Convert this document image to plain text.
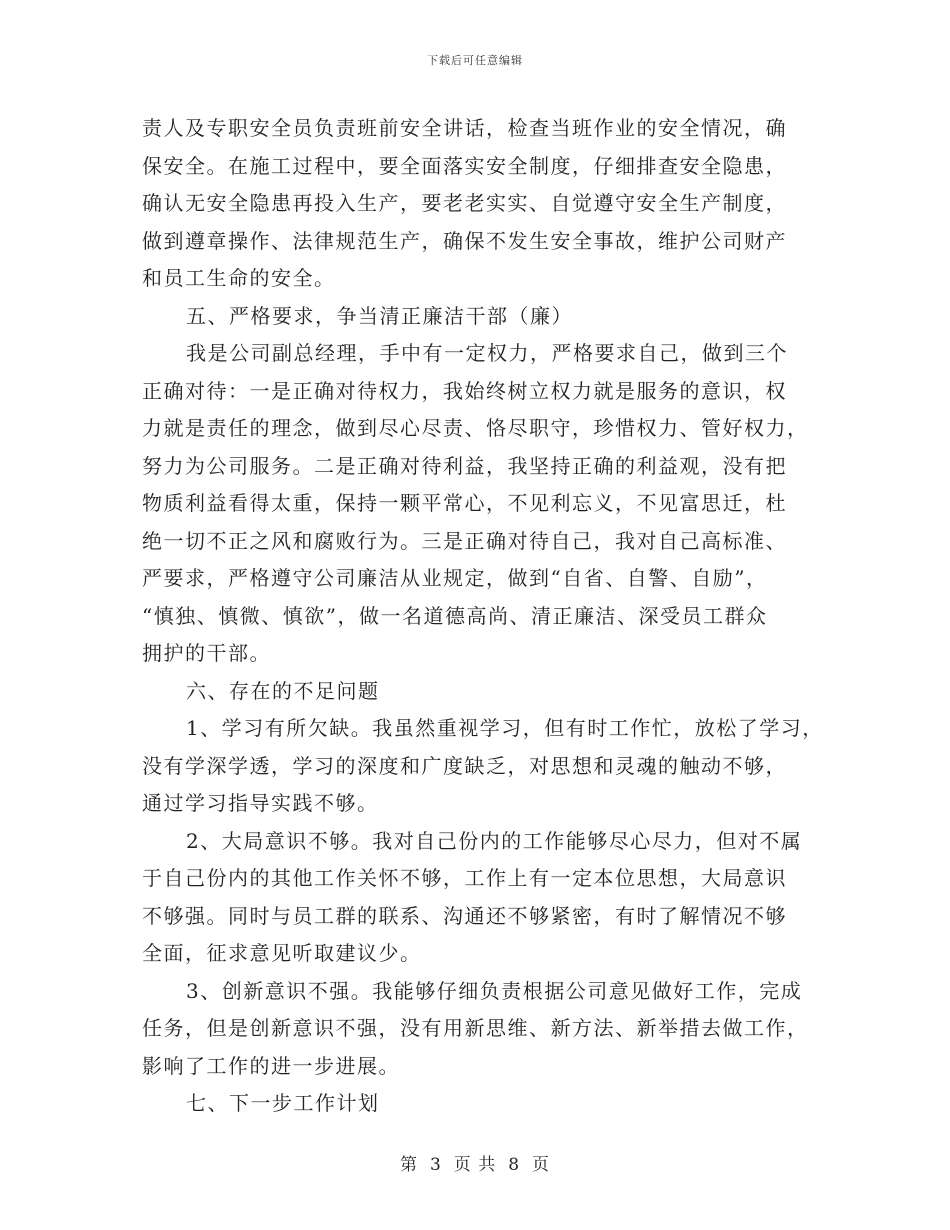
下载后可任意编辑
责人及专职安全员负责班前安全讲话，检查当班作业的安全情况，确
保安全。在施工过程中，要全面落实安全制度，仔细排查安全隐患，
确认无安全隐患再投入生产，要老老实实、自觉遵守安全生产制度，
做到遵章操作、法律规范生产，确保不发生安全事故，维护公司财产
和员工生命的安全。
五、严格要求，争当清正廉洁干部（廉）
我是公司副总经理，手中有一定权力，严格要求自己，做到三个
正确对待：一是正确对待权力，我始终树立权力就是服务的意识，权
力就是责任的理念，做到尽心尽责、恪尽职守，珍惜权力、管好权力，
努力为公司服务。二是正确对待利益，我坚持正确的利益观，没有把
物质利益看得太重，保持一颗平常心，不见利忘义，不见富思迁，杜
绝一切不正之风和腐败行为。三是正确对待自己，我对自己高标准、
严要求，严格遵守公司廉洁从业规定，做到“自省、自警、自励”，
“慎独、慎微、慎欲”，做一名道德高尚、清正廉洁、深受员工群众
拥护的干部。
六、存在的不足问题
1、学习有所欠缺。我虽然重视学习，但有时工作忙，放松了学习，
没有学深学透，学习的深度和广度缺乏，对思想和灵魂的触动不够，
通过学习指导实践不够。
2、大局意识不够。我对自己份内的工作能够尽心尽力，但对不属
于自己份内的其他工作关怀不够，工作上有一定本位思想，大局意识
不够强。同时与员工群的联系、沟通还不够紧密，有时了解情况不够
全面，征求意见听取建议少。
3、创新意识不强。我能够仔细负责根据公司意见做好工作，完成
任务，但是创新意识不强，没有用新思维、新方法、新举措去做工作，
影响了工作的进一步进展。
七、下一步工作计划
第 3 页 共 8 页
